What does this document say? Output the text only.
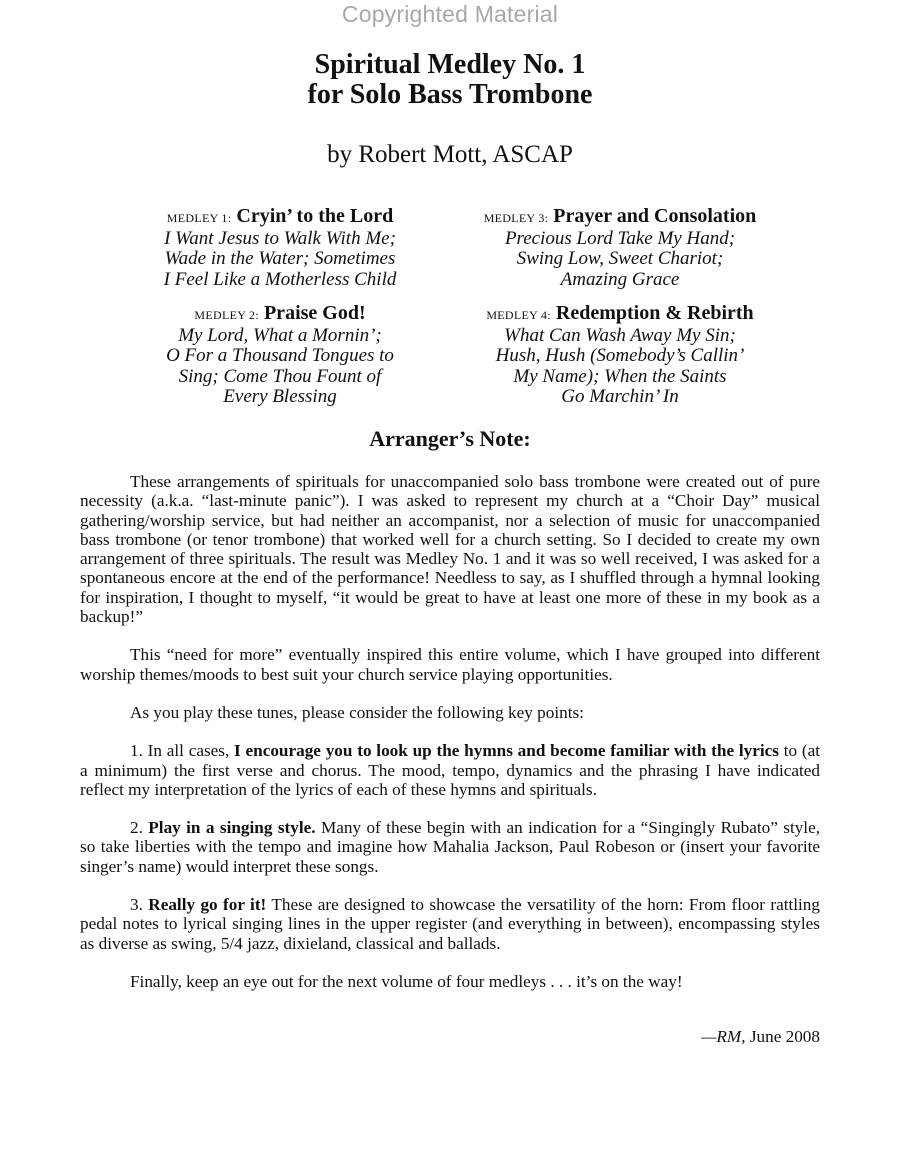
Copyrighted Material
Spiritual Medley No. 1
for Solo Bass Trombone
by Robert Mott, ASCAP
MEDLEY 1: Cryin’ to the Lord
I Want Jesus to Walk With Me;
Wade in the Water; Sometimes
I Feel Like a Motherless Child
MEDLEY 2: Praise God!
My Lord, What a Mornin’;
O For a Thousand Tongues to
Sing; Come Thou Fount of
Every Blessing
MEDLEY 3: Prayer and Consolation
Precious Lord Take My Hand;
Swing Low, Sweet Chariot;
Amazing Grace
MEDLEY 4: Redemption & Rebirth
What Can Wash Away My Sin;
Hush, Hush (Somebody’s Callin’
My Name); When the Saints
Go Marchin’ In
Arranger’s Note:

These arrangements of spirituals for unaccompanied solo bass trombone were created out of pure necessity (a.k.a. “last-minute panic”). I was asked to represent my church at a “Choir Day” musical gathering/worship service, but had neither an accompanist, nor a selection of music for unaccompanied bass trombone (or tenor trombone) that worked well for a church setting. So I decided to create my own arrangement of three spirituals. The result was Medley No. 1 and it was so well received, I was asked for a spontaneous encore at the end of the performance! Needless to say, as I shuffled through a hymnal looking for inspiration, I thought to myself, “it would be great to have at least one more of these in my book as a backup!”

This “need for more” eventually inspired this entire volume, which I have grouped into different worship themes/moods to best suit your church service playing opportunities.

As you play these tunes, please consider the following key points:

1. In all cases, I encourage you to look up the hymns and become familiar with the lyrics to (at a minimum) the first verse and chorus. The mood, tempo, dynamics and the phrasing I have indicated reflect my interpretation of the lyrics of each of these hymns and spirituals.

2. Play in a singing style. Many of these begin with an indication for a “Singingly Rubato” style, so take liberties with the tempo and imagine how Mahalia Jackson, Paul Robeson or (insert your favorite singer’s name) would interpret these songs.

3. Really go for it! These are designed to showcase the versatility of the horn: From floor rattling pedal notes to lyrical singing lines in the upper register (and everything in between), encompassing styles as diverse as swing, 5/4 jazz, dixieland, classical and ballads.

Finally, keep an eye out for the next volume of four medleys . . . it’s on the way!

—RM, June 2008
